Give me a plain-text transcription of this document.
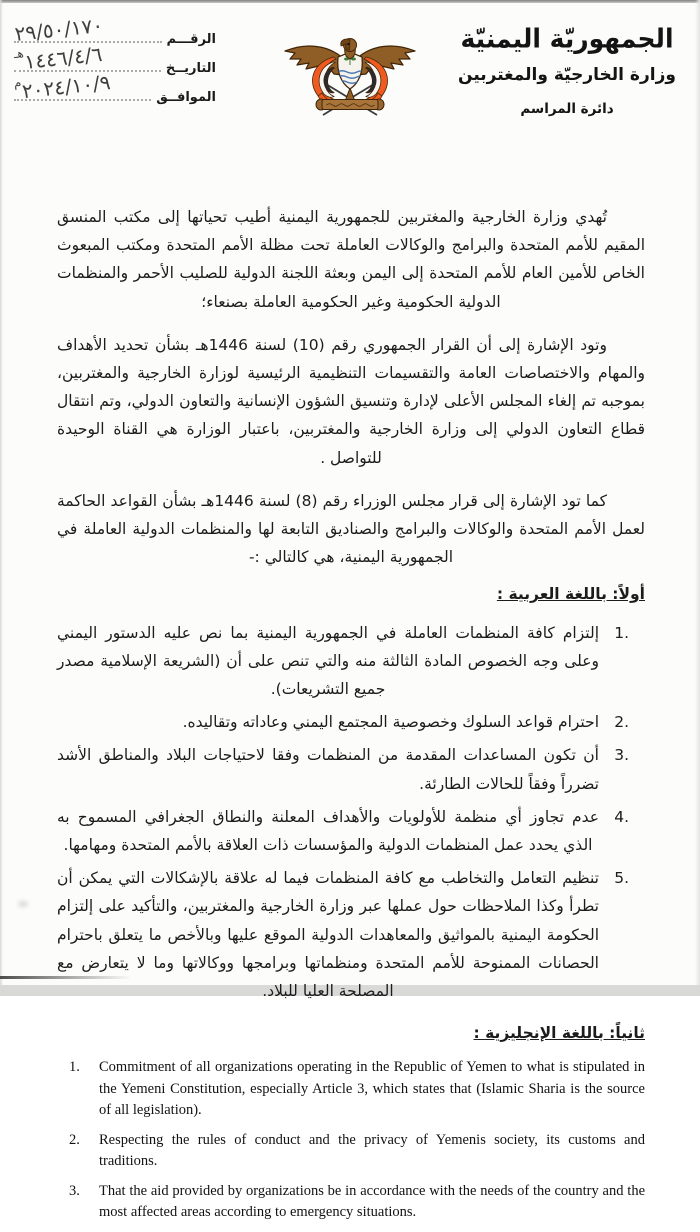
الرقـــم
٢٩/٥٠/١٧٠
التاريــخ
$١٤٤٦/٤/٦^{هـ}$
الموافــق
$٢٠٢٤/١٠/٩^م$
الجمهوريّة اليمنيّة
وزارة الخارجيّة والمغتربين
دائرة المراسم

تُهدي وزارة الخارجية والمغتربين للجمهورية اليمنية أطيب تحياتها إلى مكتب المنسق المقيم للأمم المتحدة والبرامج والوكالات العاملة تحت مظلة الأمم المتحدة ومكتب المبعوث الخاص للأمين العام للأمم المتحدة إلى اليمن وبعثة اللجنة الدولية للصليب الأحمر والمنظمات الدولية الحكومية وغير الحكومية العاملة بصنعاء؛

وتود الإشارة إلى أن القرار الجمهوري رقم (10) لسنة 1446هـ بشأن تحديد الأهداف والمهام والاختصاصات العامة والتقسيمات التنظيمية الرئيسية لوزارة الخارجية والمغتربين، بموجبه تم إلغاء المجلس الأعلى لإدارة وتنسيق الشؤون الإنسانية والتعاون الدولي، وتم انتقال قطاع التعاون الدولي إلى وزارة الخارجية والمغتربين، باعتبار الوزارة هي القناة الوحيدة للتواصل .

كما تود الإشارة إلى قرار مجلس الوزراء رقم (8) لسنة 1446هـ بشأن القواعد الحاكمة لعمل الأمم المتحدة والوكالات والبرامج والصناديق التابعة لها والمنظمات الدولية العاملة في الجمهورية اليمنية، هي كالتالي :-

أولاً: باللغة العربية :
1.
إلتزام كافة المنظمات العاملة في الجمهورية اليمنية بما نص عليه الدستور اليمني وعلى وجه الخصوص المادة الثالثة منه والتي تنص على أن (الشريعة الإسلامية مصدر جميع التشريعات).
2.
احترام قواعد السلوك وخصوصية المجتمع اليمني وعاداته وتقاليده.
3.
أن تكون المساعدات المقدمة من المنظمات وفقا لاحتياجات البلاد والمناطق الأشد تضرراً وفقاً للحالات الطارئة.
4.
عدم تجاوز أي منظمة للأولويات والأهداف المعلنة والنطاق الجغرافي المسموح به الذي يحدد عمل المنظمات الدولية والمؤسسات ذات العلاقة بالأمم المتحدة ومهامها.
5.
تنظيم التعامل والتخاطب مع كافة المنظمات فيما له علاقة بالإشكالات التي يمكن أن تطرأ وكذا الملاحظات حول عملها عبر وزارة الخارجية والمغتربين، والتأكيد على إلتزام الحكومة اليمنية بالمواثيق والمعاهدات الدولية الموقع عليها وبالأخص ما يتعلق باحترام الحصانات الممنوحة للأمم المتحدة ومنظماتها وبرامجها ووكالاتها وما لا يتعارض مع المصلحة العليا للبلاد.
ثانياً: باللغة الإنجليزية :
1. Commitment of all organizations operating in the Republic of Yemen to what is stipulated in the Yemeni Constitution, especially Article 3, which states that (Islamic Sharia is the source of all legislation).
2. Respecting the rules of conduct and the privacy of Yemenis society, its customs and traditions.
3. That the aid provided by organizations be in accordance with the needs of the country and the most affected areas according to emergency situations.
